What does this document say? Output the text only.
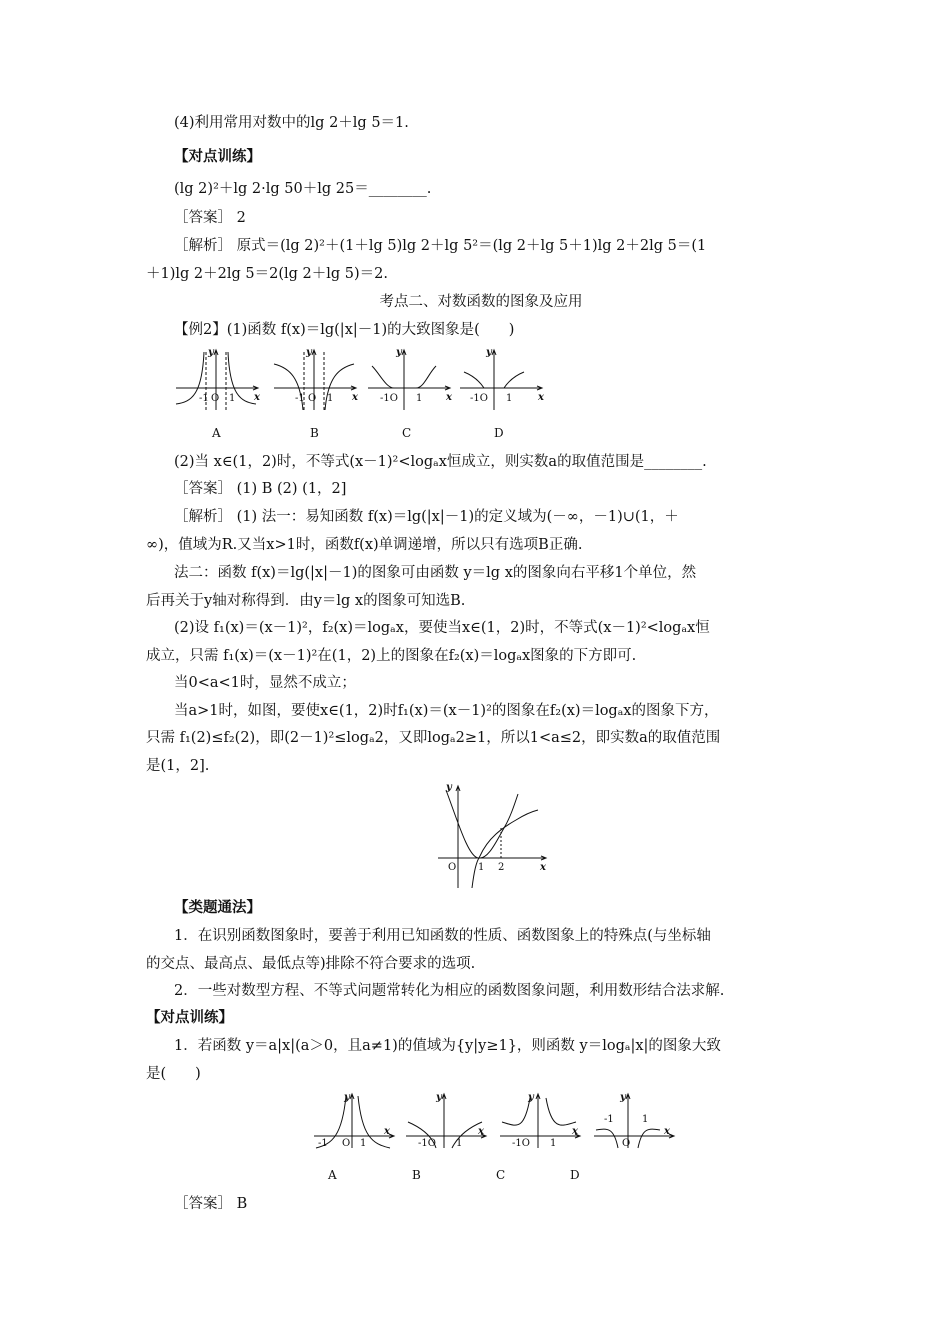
(4)利用常用对数中的lg 2＋lg 5＝1.
【对点训练】
(lg 2)²＋lg 2·lg 50＋lg 25＝________.
［答案］ 2
［解析］ 原式＝(lg 2)²＋(1＋lg 5)lg 2＋lg 5²＝(lg 2＋lg 5＋1)lg 2＋2lg 5＝(1
＋1)lg 2＋2lg 5＝2(lg 2＋lg 5)＝2.
考点二、对数函数的图象及应用
【例2】(1)函数 f(x)＝lg(|x|－1)的大致图象是(　　)
y
x
-1 O 1
A
y
x
-1 O 1
B
y
x
-1O 1
C
y
x
-1O 1
D
(2)当 x∈(1，2)时，不等式(x－1)²<logₐx恒成立，则实数a的取值范围是________.
［答案］ (1) B (2) (1，2]
［解析］ (1) 法一：易知函数 f(x)＝lg(|x|－1)的定义域为(－∞，－1)∪(1，＋
∞)，值域为R.又当x>1时，函数f(x)单调递增，所以只有选项B正确.
法二：函数 f(x)＝lg(|x|－1)的图象可由函数 y＝lg x的图象向右平移1个单位，然
后再关于y轴对称得到．由y＝lg x的图象可知选B.
(2)设 f₁(x)＝(x－1)²，f₂(x)＝logₐx，要使当x∈(1，2)时，不等式(x－1)²<logₐx恒
成立，只需 f₁(x)＝(x－1)²在(1，2)上的图象在f₂(x)＝logₐx图象的下方即可.
当0<a<1时，显然不成立；
当a>1时，如图，要使x∈(1，2)时f₁(x)＝(x－1)²的图象在f₂(x)＝logₐx的图象下方，
只需 f₁(2)≤f₂(2)，即(2－1)²≤logₐ2，又即logₐ2≥1，所以1<a≤2，即实数a的取值范围
是(1，2].
y
x
O 1 2
【类题通法】
1．在识别函数图象时，要善于利用已知函数的性质、函数图象上的特殊点(与坐标轴
的交点、最高点、最低点等)排除不符合要求的选项.
2．一些对数型方程、不等式问题常转化为相应的函数图象问题，利用数形结合法求解.
【对点训练】
1．若函数 y＝a|x|(a＞0，且a≠1)的值域为{y|y≥1}，则函数 y＝logₐ|x|的图象大致
是(　　)
y
x
-1 O 1
A
y
x
-1O 1
B
y
x
-1O 1
C
y
x
-1
O
1
D
［答案］ B
